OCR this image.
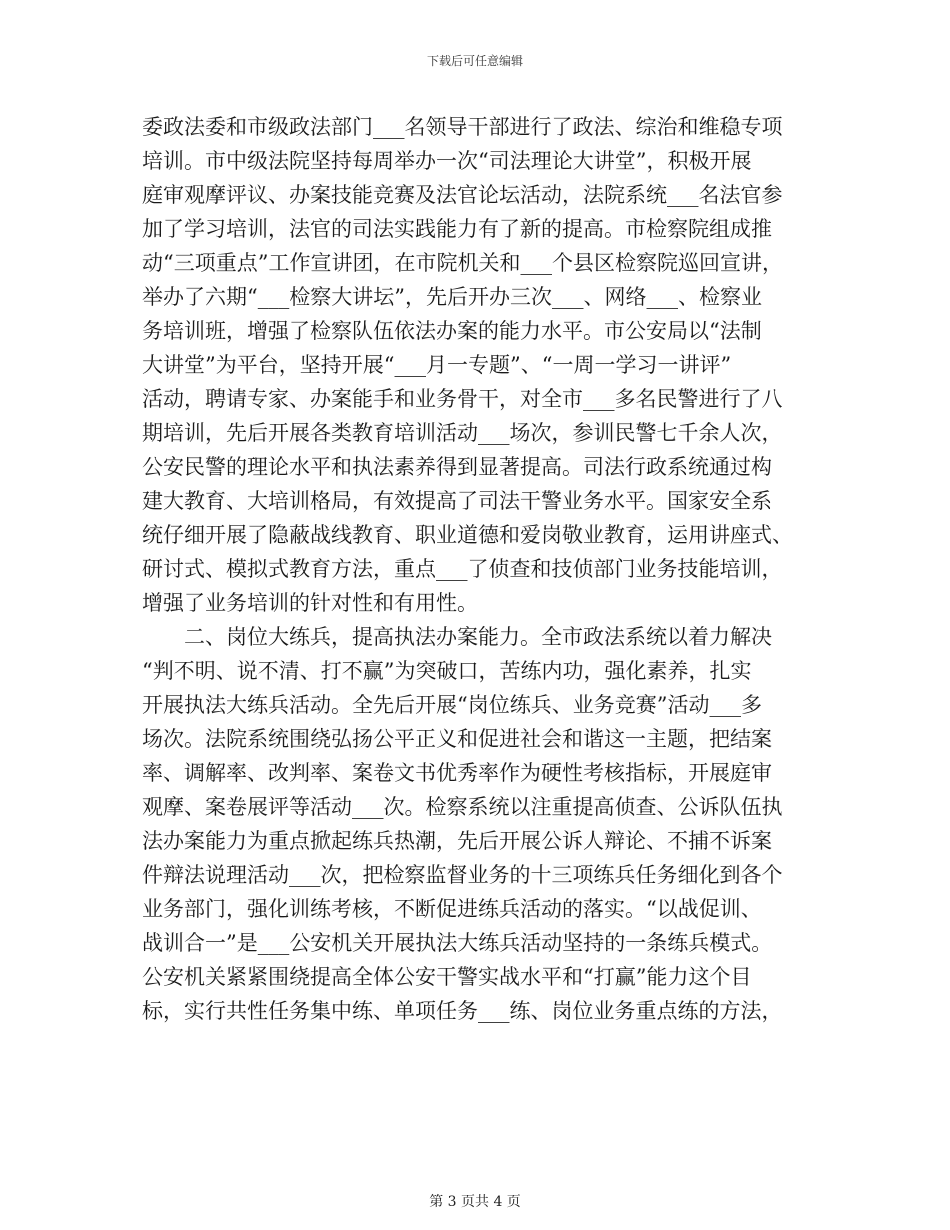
下载后可任意编辑
委政法委和市级政法部门___名领导干部进行了政法、综治和维稳专项
培训。市中级法院坚持每周举办一次“司法理论大讲堂”，积极开展
庭审观摩评议、办案技能竞赛及法官论坛活动，法院系统___名法官参
加了学习培训，法官的司法实践能力有了新的提高。市检察院组成推
动“三项重点”工作宣讲团，在市院机关和___个县区检察院巡回宣讲，
举办了六期“___检察大讲坛”，先后开办三次___、网络___、检察业
务培训班，增强了检察队伍依法办案的能力水平。市公安局以“法制
大讲堂”为平台，坚持开展“___月一专题”、“一周一学习一讲评”
活动，聘请专家、办案能手和业务骨干，对全市___多名民警进行了八
期培训，先后开展各类教育培训活动___场次，参训民警七千余人次，
公安民警的理论水平和执法素养得到显著提高。司法行政系统通过构
建大教育、大培训格局，有效提高了司法干警业务水平。国家安全系
统仔细开展了隐蔽战线教育、职业道德和爱岗敬业教育，运用讲座式、
研讨式、模拟式教育方法，重点___了侦查和技侦部门业务技能培训，
增强了业务培训的针对性和有用性。
二、岗位大练兵，提高执法办案能力。全市政法系统以着力解决
“判不明、说不清、打不赢”为突破口，苦练内功，强化素养，扎实
开展执法大练兵活动。全先后开展“岗位练兵、业务竞赛”活动___多
场次。法院系统围绕弘扬公平正义和促进社会和谐这一主题，把结案
率、调解率、改判率、案卷文书优秀率作为硬性考核指标，开展庭审
观摩、案卷展评等活动___次。检察系统以注重提高侦查、公诉队伍执
法办案能力为重点掀起练兵热潮，先后开展公诉人辩论、不捕不诉案
件辩法说理活动___次，把检察监督业务的十三项练兵任务细化到各个
业务部门，强化训练考核，不断促进练兵活动的落实。“以战促训、
战训合一”是___公安机关开展执法大练兵活动坚持的一条练兵模式。
公安机关紧紧围绕提高全体公安干警实战水平和“打赢”能力这个目
标，实行共性任务集中练、单项任务___练、岗位业务重点练的方法，
第 3 页共 4 页
